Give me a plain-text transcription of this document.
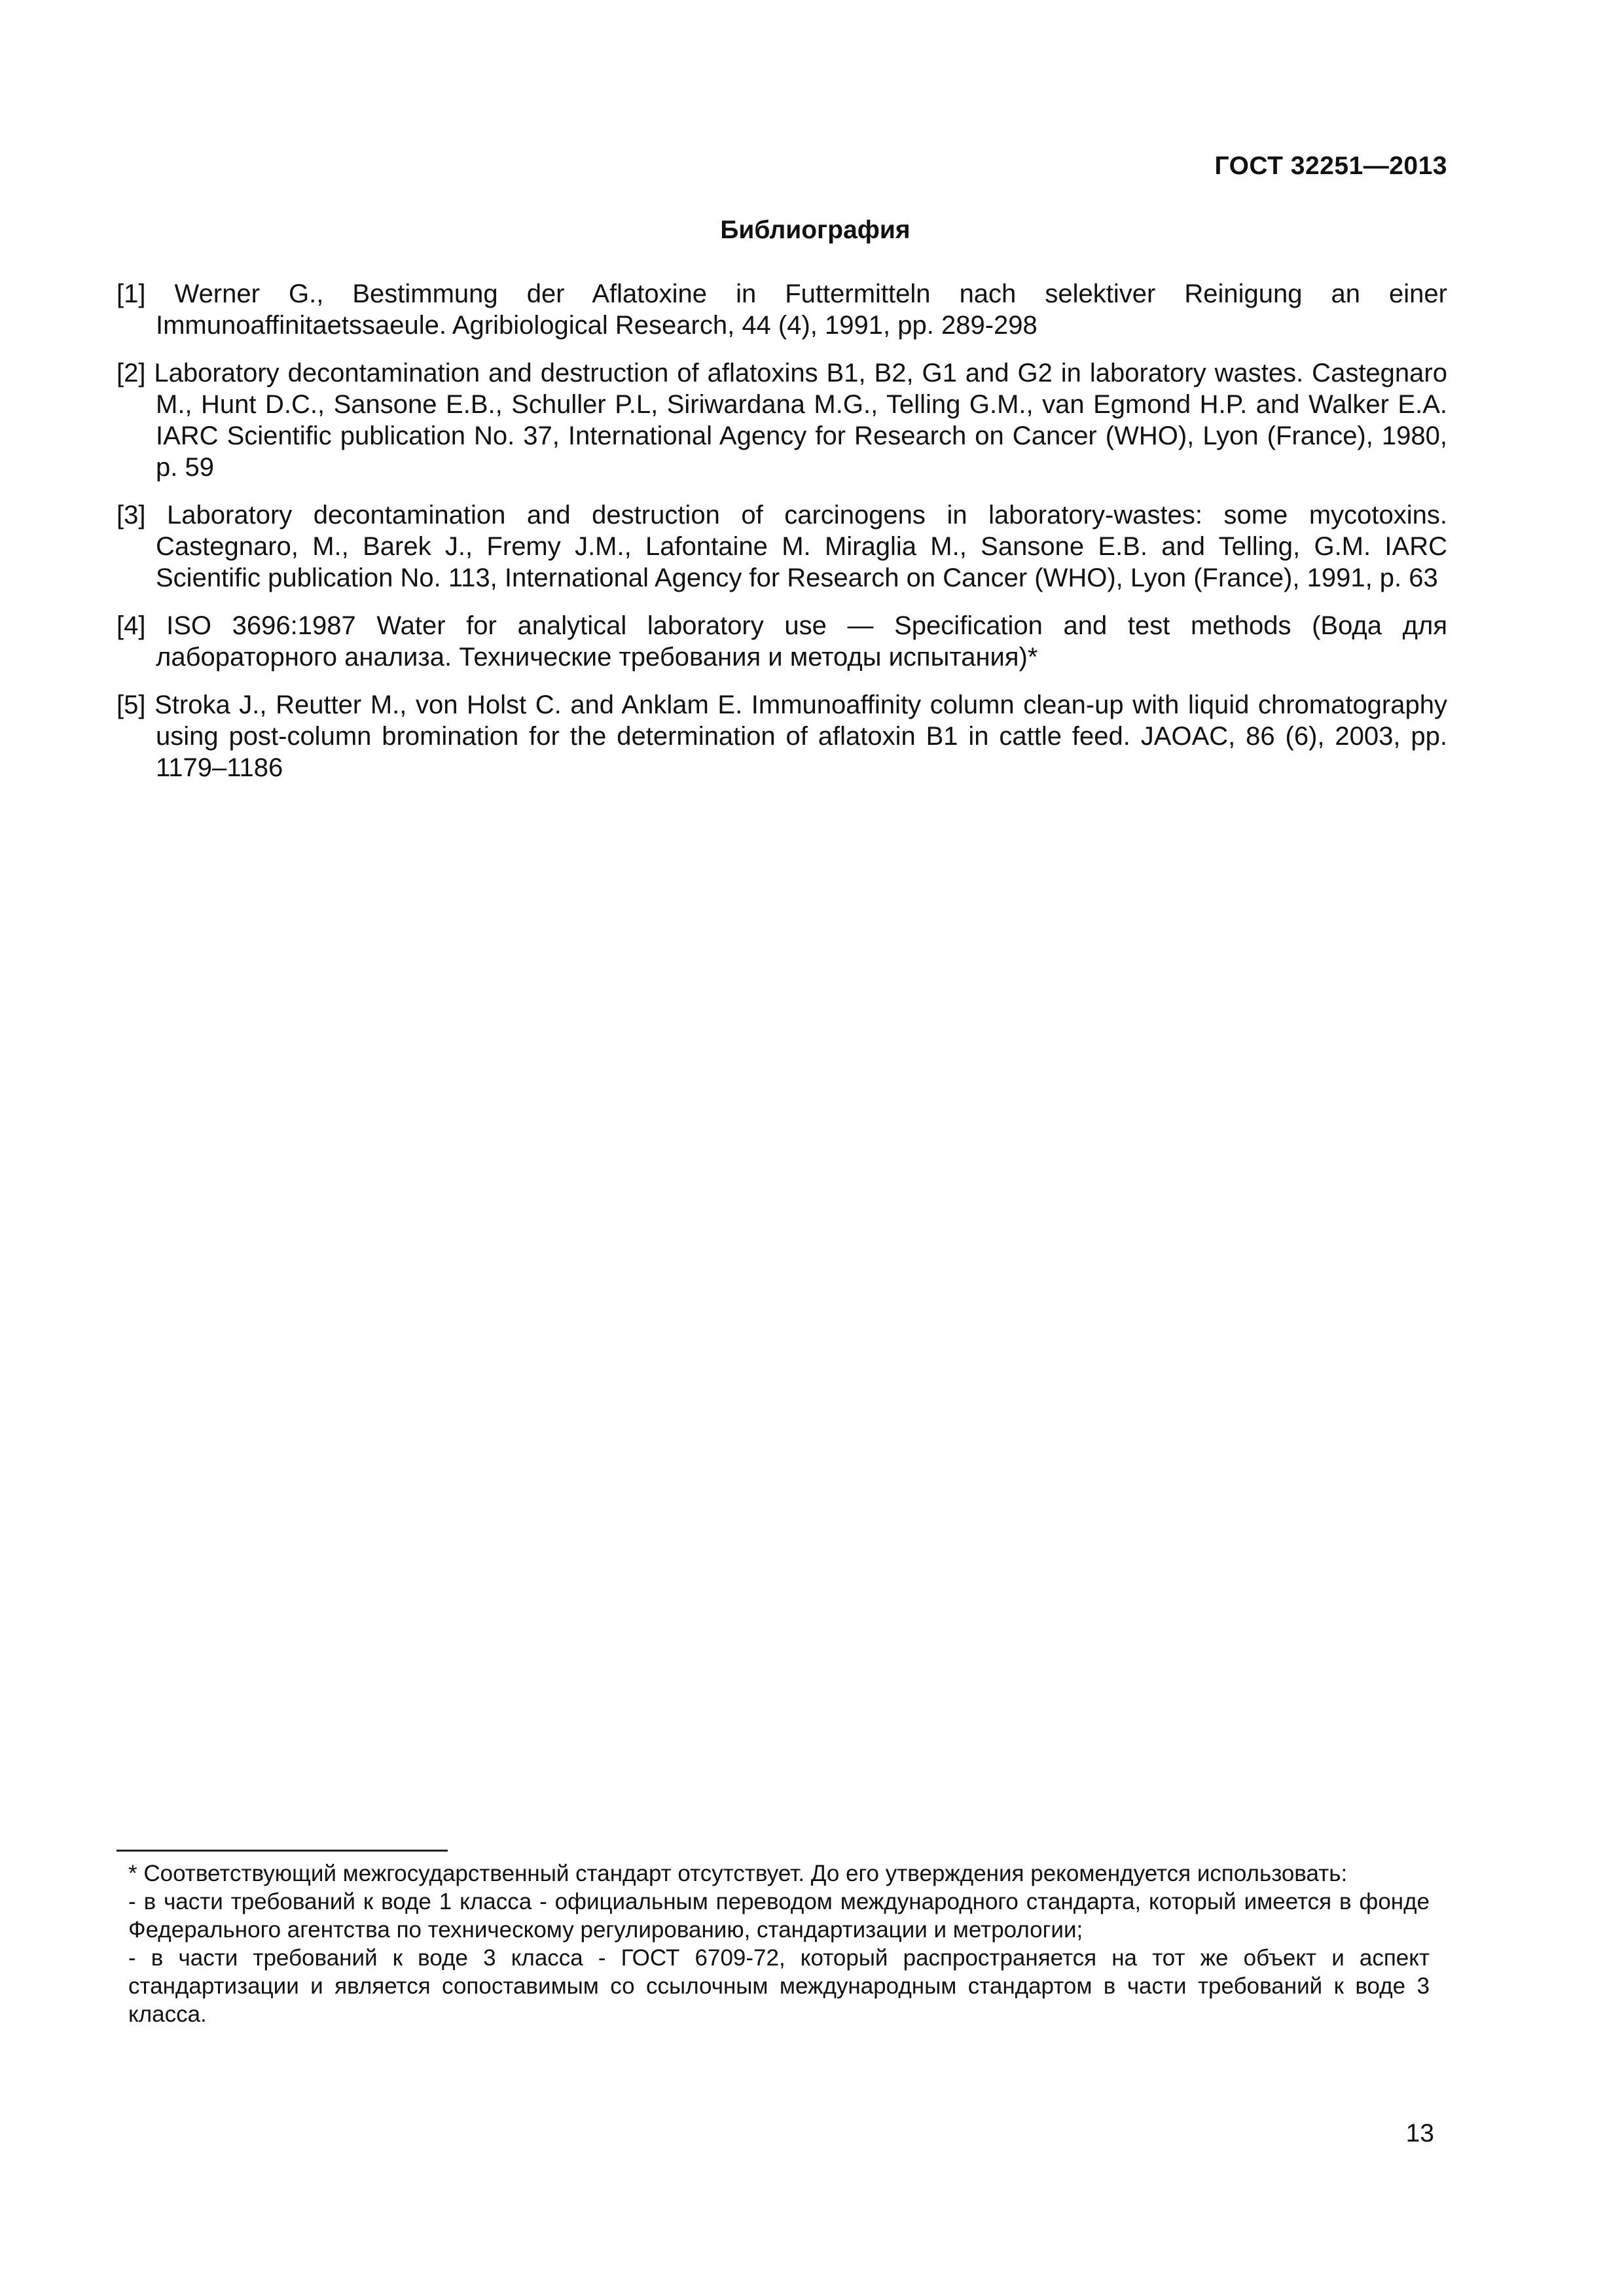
ГОСТ 32251—2013
Библиография
[1] Werner G., Bestimmung der Aflatoxine in Futtermitteln nach selektiver Reinigung an einer Immunoaffinitaetssaeule. Agribiological Research, 44 (4), 1991, pp. 289-298
[2] Laboratory decontamination and destruction of aflatoxins B1, B2, G1 and G2 in laboratory wastes. Castegnaro M., Hunt D.C., Sansone E.B., Schuller P.L, Siriwardana M.G., Telling G.M., van Egmond H.P. and Walker E.A. IARC Scientific publication No. 37, International Agency for Research on Cancer (WHO), Lyon (France), 1980, p. 59
[3] Laboratory decontamination and destruction of carcinogens in laboratory-wastes: some mycotoxins. Castegnaro, M., Barek J., Fremy J.M., Lafontaine M. Miraglia M., Sansone E.B. and Telling, G.M. IARC Scientific publication No. 113, International Agency for Research on Cancer (WHO), Lyon (France), 1991, p. 63
[4] ISO 3696:1987 Water for analytical laboratory use — Specification and test methods (Вода для лабораторного анализа. Технические требования и методы испытания)*
[5] Stroka J., Reutter M., von Holst C. and Anklam E. Immunoaffinity column clean-up with liquid chromatography using post-column bromination for the determination of aflatoxin B1 in cattle feed. JAOAC, 86 (6), 2003, pp. 1179–1186

* Соответствующий межгосударственный стандарт отсутствует. До его утверждения рекомендуется использовать:

- в части требований к воде 1 класса - официальным переводом международного стандарта, который имеется в фонде Федерального агентства по техническому регулированию, стандартизации и метрологии;

- в части требований к воде 3 класса - ГОСТ 6709-72, который распространяется на тот же объект и аспект стандартизации и является сопоставимым со ссылочным международным стандартом в части требований к воде 3 класса.

13
